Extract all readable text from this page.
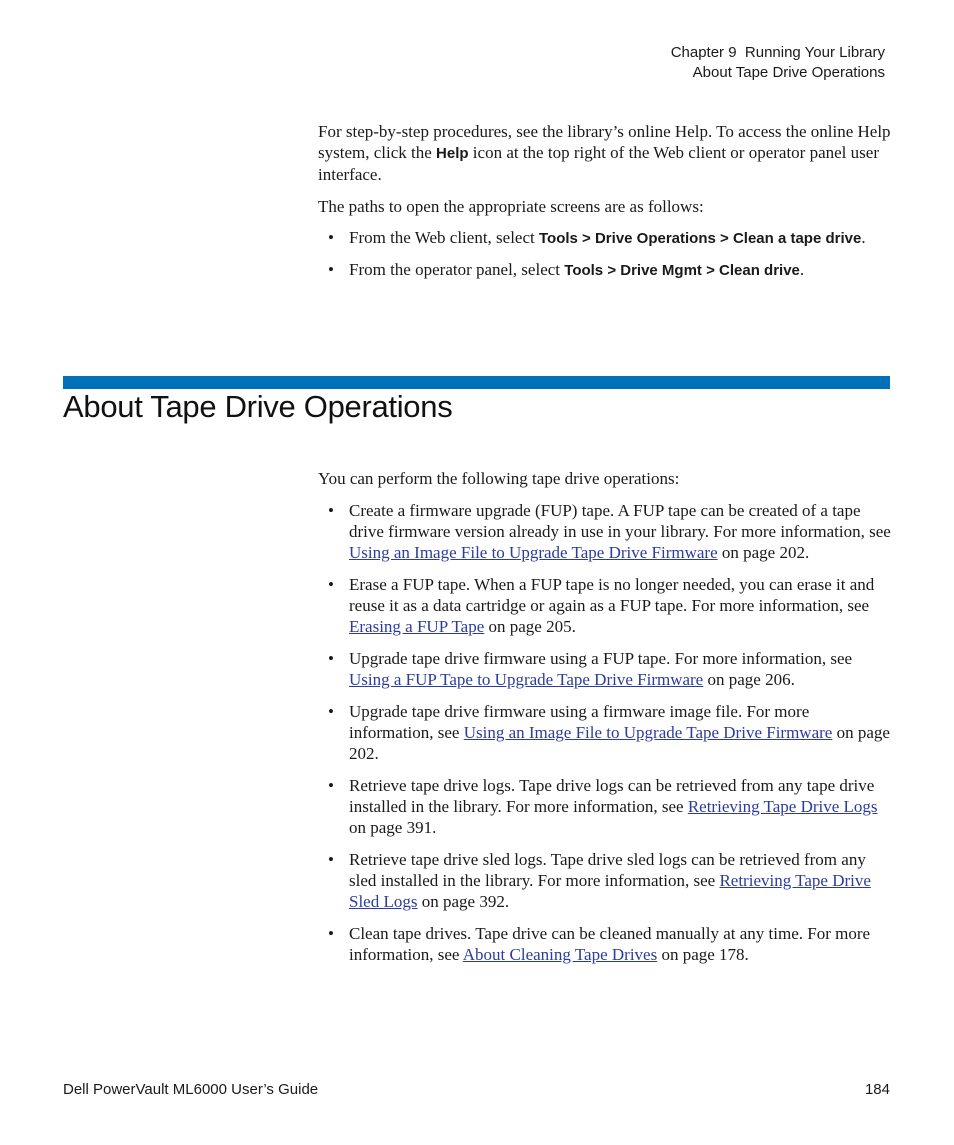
Chapter 9  Running Your Library
About Tape Drive Operations

For step-by-step procedures, see the library’s online Help. To access the online Help system, click the Help icon at the top right of the Web client or operator panel user interface.

The paths to open the appropriate screens are as follows:

• From the Web client, select Tools > Drive Operations > Clean a tape drive.
• From the operator panel, select Tools > Drive Mgmt > Clean drive.
About Tape Drive Operations

You can perform the following tape drive operations:

• Create a firmware upgrade (FUP) tape. A FUP tape can be created of a tape drive firmware version already in use in your library. For more information, see Using an Image File to Upgrade Tape Drive Firmware on page 202.
• Erase a FUP tape. When a FUP tape is no longer needed, you can erase it and reuse it as a data cartridge or again as a FUP tape. For more information, see Erasing a FUP Tape on page 205.
• Upgrade tape drive firmware using a FUP tape. For more information, see Using a FUP Tape to Upgrade Tape Drive Firmware on page 206.
• Upgrade tape drive firmware using a firmware image file. For more information, see Using an Image File to Upgrade Tape Drive Firmware on page 202.
• Retrieve tape drive logs. Tape drive logs can be retrieved from any tape drive installed in the library. For more information, see Retrieving Tape Drive Logs on page 391.
• Retrieve tape drive sled logs. Tape drive sled logs can be retrieved from any sled installed in the library. For more information, see Retrieving Tape Drive Sled Logs on page 392.
• Clean tape drives. Tape drive can be cleaned manually at any time. For more information, see About Cleaning Tape Drives on page 178.
Dell PowerVault ML6000 User’s Guide	184
